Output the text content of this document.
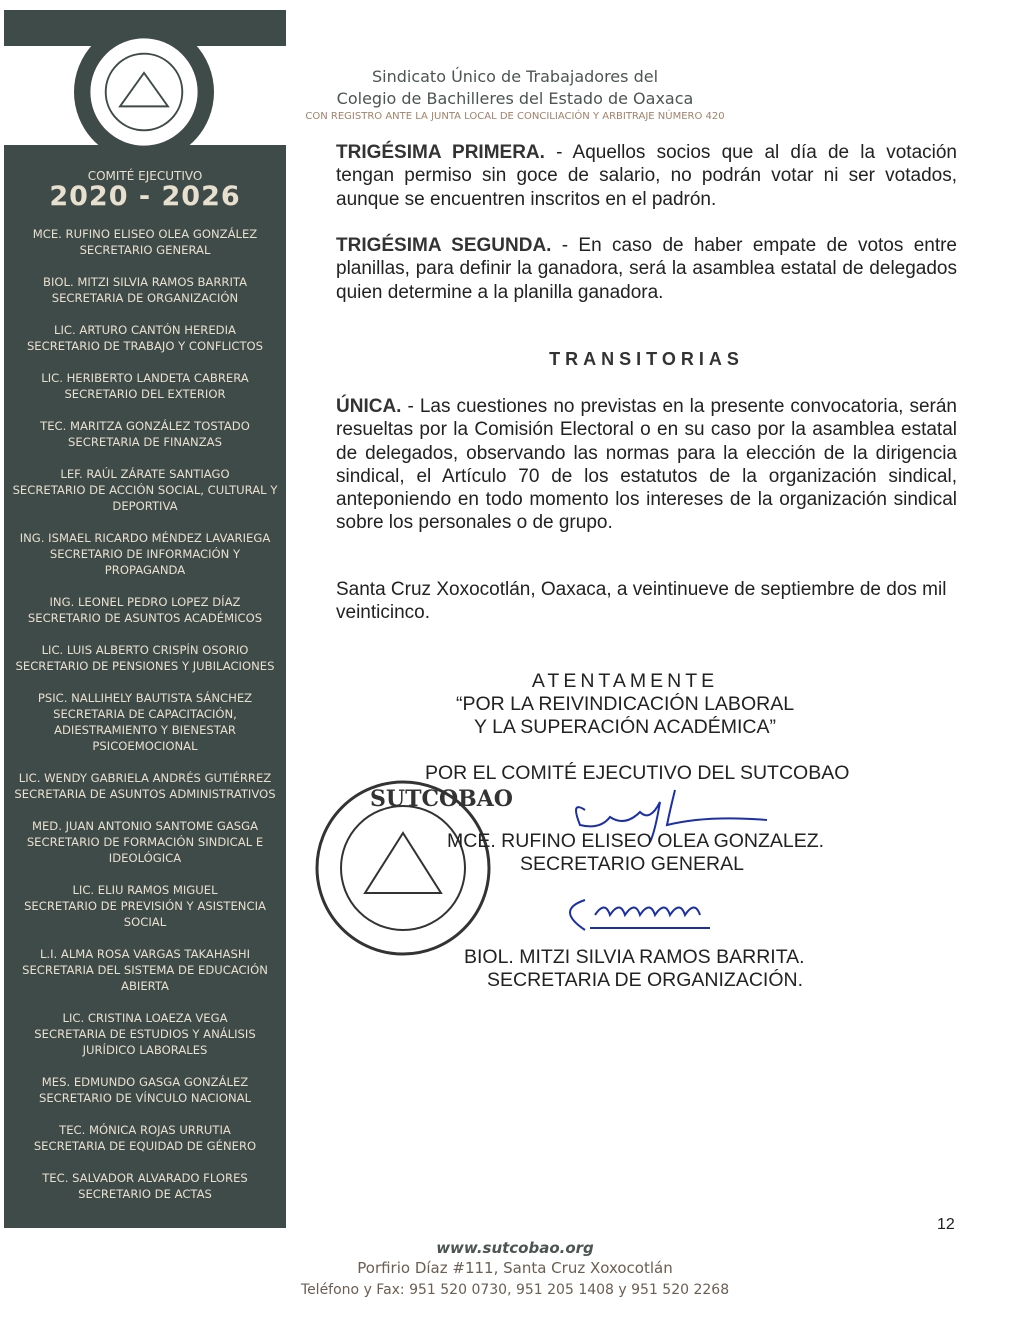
COMITÉ EJECUTIVO
2020 - 2026
MCE. RUFINO ELISEO OLEA GONZÁLEZ
SECRETARIO GENERAL
BIOL. MITZI SILVIA RAMOS BARRITA
SECRETARIA DE ORGANIZACIÓN
LIC. ARTURO CANTÓN HEREDIA
SECRETARIO DE TRABAJO Y CONFLICTOS
LIC. HERIBERTO LANDETA CABRERA
SECRETARIO DEL EXTERIOR
TEC. MARITZA GONZÁLEZ TOSTADO
SECRETARIA DE FINANZAS
LEF. RAÚL ZÁRATE SANTIAGO
SECRETARIO DE ACCIÓN SOCIAL, CULTURAL Y DEPORTIVA
ING. ISMAEL RICARDO MÉNDEZ LAVARIEGA
SECRETARIO DE INFORMACIÓN Y PROPAGANDA
ING. LEONEL PEDRO LOPEZ DÍAZ
SECRETARIO DE ASUNTOS ACADÉMICOS
LIC. LUIS ALBERTO CRISPÍN OSORIO
SECRETARIO DE PENSIONES Y JUBILACIONES
PSIC. NALLIHELY BAUTISTA SÁNCHEZ
SECRETARIA DE CAPACITACIÓN, ADIESTRAMIENTO Y BIENESTAR PSICOEMOCIONAL
LIC. WENDY GABRIELA ANDRÉS GUTIÉRREZ
SECRETARIA DE ASUNTOS ADMINISTRATIVOS
MED. JUAN ANTONIO SANTOME GASGA
SECRETARIO DE FORMACIÓN SINDICAL E IDEOLÓGICA
LIC. ELIU RAMOS MIGUEL
SECRETARIO DE PREVISIÓN Y ASISTENCIA SOCIAL
L.I. ALMA ROSA VARGAS TAKAHASHI
SECRETARIA DEL SISTEMA DE EDUCACIÓN ABIERTA
LIC. CRISTINA LOAEZA VEGA
SECRETARIA DE ESTUDIOS Y ANÁLISIS JURÍDICO LABORALES
MES. EDMUNDO GASGA GONZÁLEZ
SECRETARIO DE VÍNCULO NACIONAL
TEC. MÓNICA ROJAS URRUTIA
SECRETARIA DE EQUIDAD DE GÉNERO
TEC. SALVADOR ALVARADO FLORES
SECRETARIO DE ACTAS
Sindicato Único de Trabajadores del
Colegio de Bachilleres del Estado de Oaxaca
CON REGISTRO ANTE LA JUNTA LOCAL DE CONCILIACIÓN Y ARBITRAJE NÚMERO 420
TRIGÉSIMA PRIMERA. - Aquellos socios que al día de la votación tengan permiso sin goce de salario, no podrán votar ni ser votados, aunque se encuentren inscritos en el padrón.
TRIGÉSIMA SEGUNDA. - En caso de haber empate de votos entre planillas, para definir la ganadora, será la asamblea estatal de delegados quien determine a la planilla ganadora.
TRANSITORIAS
ÚNICA. - Las cuestiones no previstas en la presente convocatoria, serán resueltas por la Comisión Electoral o en su caso por la asamblea estatal de delegados, observando las normas para la elección de la dirigencia sindical, el Artículo 70 de los estatutos de la organización sindical, anteponiendo en todo momento los intereses de la organización sindical sobre los personales o de grupo.
Santa Cruz Xoxocotlán, Oaxaca, a veintinueve de septiembre de dos mil veinticinco.
ATENTAMENTE
“POR LA REIVINDICACIÓN LABORAL
Y LA SUPERACIÓN ACADÉMICA”
POR EL COMITÉ EJECUTIVO DEL SUTCOBAO
SUTCOBAO
MCE. RUFINO ELISEO OLEA GONZALEZ.
SECRETARIO GENERAL
BIOL. MITZI SILVIA RAMOS BARRITA.
SECRETARIA DE ORGANIZACIÓN.
12
www.sutcobao.org
Porfirio Díaz #111, Santa Cruz Xoxocotlán
Teléfono y Fax: 951 520 0730, 951 205 1408 y 951 520 2268
